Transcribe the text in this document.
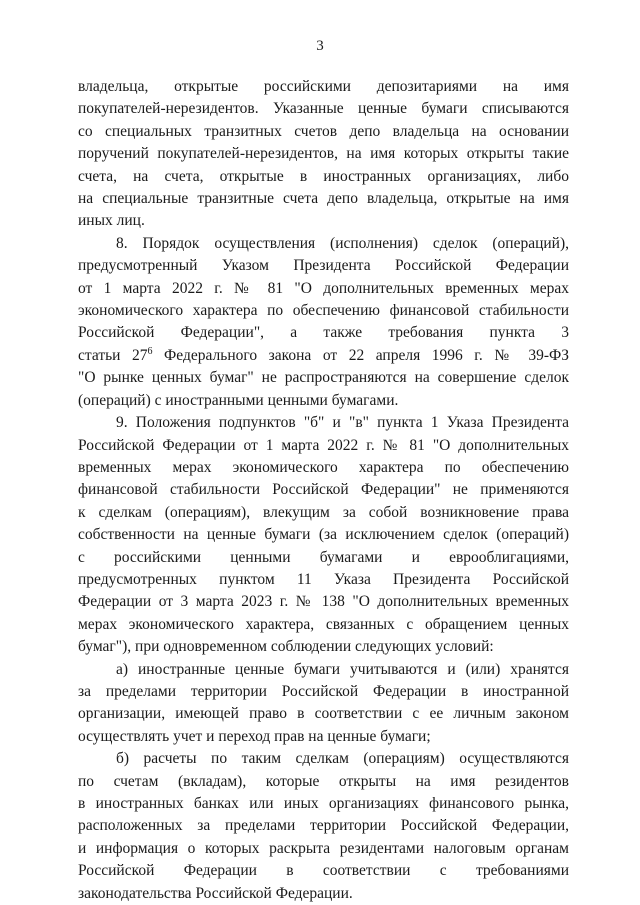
3

владельца, открытые российскими депозитариями на имя
покупателей-нерезидентов. Указанные ценные бумаги списываются
со специальных транзитных счетов депо владельца на основании
поручений покупателей-нерезидентов, на имя которых открыты такие
счета, на счета, открытые в иностранных организациях, либо
на специальные транзитные счета депо владельца, открытые на имя
иных лиц.

8. Порядок осуществления (исполнения) сделок (операций),
предусмотренный Указом Президента Российской Федерации
от 1 марта 2022 г. № 81 "О дополнительных временных мерах
экономического характера по обеспечению финансовой стабильности
Российской Федерации", а также требования пункта 3
статьи $27^6$ Федерального закона от 22 апреля 1996 г. № 39-ФЗ
"О рынке ценных бумаг" не распространяются на совершение сделок
(операций) с иностранными ценными бумагами.

9. Положения подпунктов "б" и "в" пункта 1 Указа Президента
Российской Федерации от 1 марта 2022 г. № 81 "О дополнительных
временных мерах экономического характера по обеспечению
финансовой стабильности Российской Федерации" не применяются
к сделкам (операциям), влекущим за собой возникновение права
собственности на ценные бумаги (за исключением сделок (операций)
с российскими ценными бумагами и еврооблигациями,
предусмотренных пунктом 11 Указа Президента Российской
Федерации от 3 марта 2023 г. № 138 "О дополнительных временных
мерах экономического характера, связанных с обращением ценных
бумаг"), при одновременном соблюдении следующих условий:

а) иностранные ценные бумаги учитываются и (или) хранятся
за пределами территории Российской Федерации в иностранной
организации, имеющей право в соответствии с ее личным законом
осуществлять учет и переход прав на ценные бумаги;

б) расчеты по таким сделкам (операциям) осуществляются
по счетам (вкладам), которые открыты на имя резидентов
в иностранных банках или иных организациях финансового рынка,
расположенных за пределами территории Российской Федерации,
и информация о которых раскрыта резидентами налоговым органам
Российской Федерации в соответствии с требованиями
законодательства Российской Федерации.
